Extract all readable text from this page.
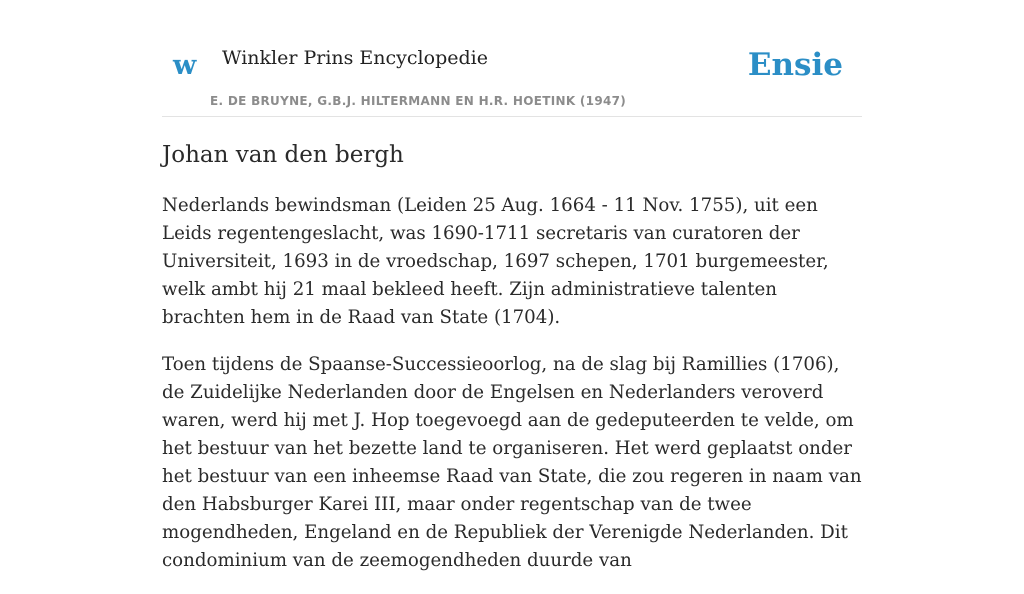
w Winkler Prins Encyclopedie
E. DE BRUYNE, G.B.J. HILTERMANN EN H.R. HOETINK (1947)
Ensie
Johan van den bergh

Nederlands bewindsman (Leiden 25 Aug. 1664 - 11 Nov. 1755), uit een Leids regentengeslacht, was 1690-1711 secretaris van curatoren der Universiteit, 1693 in de vroedschap, 1697 schepen, 1701 burgemeester, welk ambt hij 21 maal bekleed heeft. Zijn administratieve talenten brachten hem in de Raad van State (1704).

Toen tijdens de Spaanse-Successieoorlog, na de slag bij Ramillies (1706), de Zuidelijke Nederlanden door de Engelsen en Nederlanders veroverd waren, werd hij met J. Hop toegevoegd aan de gedeputeerden te velde, om het bestuur van het bezette land te organiseren. Het werd geplaatst onder het bestuur van een inheemse Raad van State, die zou regeren in naam van den Habsburger Karei III, maar onder regentschap van de twee mogendheden, Engeland en de Republiek der Verenigde Nederlanden. Dit condominium van de zeemogendheden duurde van
